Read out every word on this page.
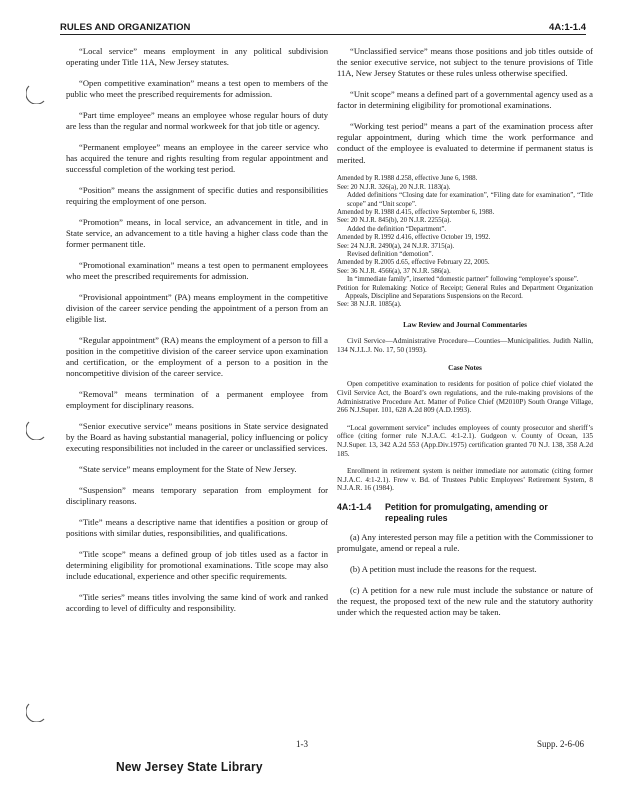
RULES AND ORGANIZATION	4A:1-1.4

“Local service” means employment in any political subdivision operating under Title 11A, New Jersey statutes.

“Open competitive examination” means a test open to members of the public who meet the prescribed requirements for admission.

“Part time employee” means an employee whose regular hours of duty are less than the regular and normal workweek for that job title or agency.

“Permanent employee” means an employee in the career service who has acquired the tenure and rights resulting from regular appointment and successful completion of the working test period.

“Position” means the assignment of specific duties and responsibilities requiring the employment of one person.

“Promotion” means, in local service, an advancement in title, and in State service, an advancement to a title having a higher class code than the former permanent title.

“Promotional examination” means a test open to permanent employees who meet the prescribed requirements for admission.

“Provisional appointment” (PA) means employment in the competitive division of the career service pending the appointment of a person from an eligible list.

“Regular appointment” (RA) means the employment of a person to fill a position in the competitive division of the career service upon examination and certification, or the employment of a person to a position in the noncompetitive division of the career service.

“Removal” means termination of a permanent employee from employment for disciplinary reasons.

“Senior executive service” means positions in State service designated by the Board as having substantial managerial, policy influencing or policy executing responsibilities not included in the career or unclassified services.

“State service” means employment for the State of New Jersey.

“Suspension” means temporary separation from employment for disciplinary reasons.

“Title” means a descriptive name that identifies a position or group of positions with similar duties, responsibilities, and qualifications.

“Title scope” means a defined group of job titles used as a factor in determining eligibility for promotional examinations. Title scope may also include educational, experience and other specific requirements.

“Title series” means titles involving the same kind of work and ranked according to level of difficulty and responsibility.

“Unclassified service” means those positions and job titles outside of the senior executive service, not subject to the tenure provisions of Title 11A, New Jersey Statutes or these rules unless otherwise specified.

“Unit scope” means a defined part of a governmental agency used as a factor in determining eligibility for promotional examinations.

“Working test period” means a part of the examination process after regular appointment, during which time the work performance and conduct of the employee is evaluated to determine if permanent status is merited.

Amended by R.1988 d.258, effective June 6, 1988.
See: 20 N.J.R. 326(a), 20 N.J.R. 1183(a).
Added definitions “Closing date for examination”, “Filing date for examination”, “Title scope” and “Unit scope”.
Amended by R.1988 d.415, effective September 6, 1988.
See: 20 N.J.R. 845(b), 20 N.J.R. 2255(a).
Added the definition “Department”.
Amended by R.1992 d.416, effective October 19, 1992.
See: 24 N.J.R. 2490(a), 24 N.J.R. 3715(a).
Revised definition “demotion”.
Amended by R.2005 d.65, effective February 22, 2005.
See: 36 N.J.R. 4566(a), 37 N.J.R. 586(a).
In “immediate family”, inserted “domestic partner” following “employee’s spouse”.
Petition for Rulemaking: Notice of Receipt; General Rules and Department Organization Appeals, Discipline and Separations Suspensions on the Record.
See: 38 N.J.R. 1085(a).
Law Review and Journal Commentaries

Civil Service—Administrative Procedure—Counties—Municipalities. Judith Nallin, 134 N.J.L.J. No. 17, 50 (1993).

Case Notes

Open competitive examination to residents for position of police chief violated the Civil Service Act, the Board’s own regulations, and the rule-making provisions of the Administrative Procedure Act. Matter of Police Chief (M2010P) South Orange Village, 266 N.J.Super. 101, 628 A.2d 809 (A.D.1993).

“Local government service” includes employees of county prosecutor and sheriff’s office (citing former rule N.J.A.C. 4:1-2.1). Gudgeon v. County of Ocean, 135 N.J.Super. 13, 342 A.2d 553 (App.Div.1975) certification granted 70 N.J. 138, 358 A.2d 185.

Enrollment in retirement system is neither immediate nor automatic (citing former N.J.A.C. 4:1-2.1). Frew v. Bd. of Trustees Public Employees’ Retirement System, 8 N.J.A.R. 16 (1984).

4A:1-1.4 Petition for promulgating, amending or
repealing rules

(a) Any interested person may file a petition with the Commissioner to promulgate, amend or repeal a rule.

(b) A petition must include the reasons for the request.

(c) A petition for a new rule must include the substance or nature of the request, the proposed text of the new rule and the statutory authority under which the requested action may be taken.

1-3	Supp. 2-6-06
New Jersey State Library
